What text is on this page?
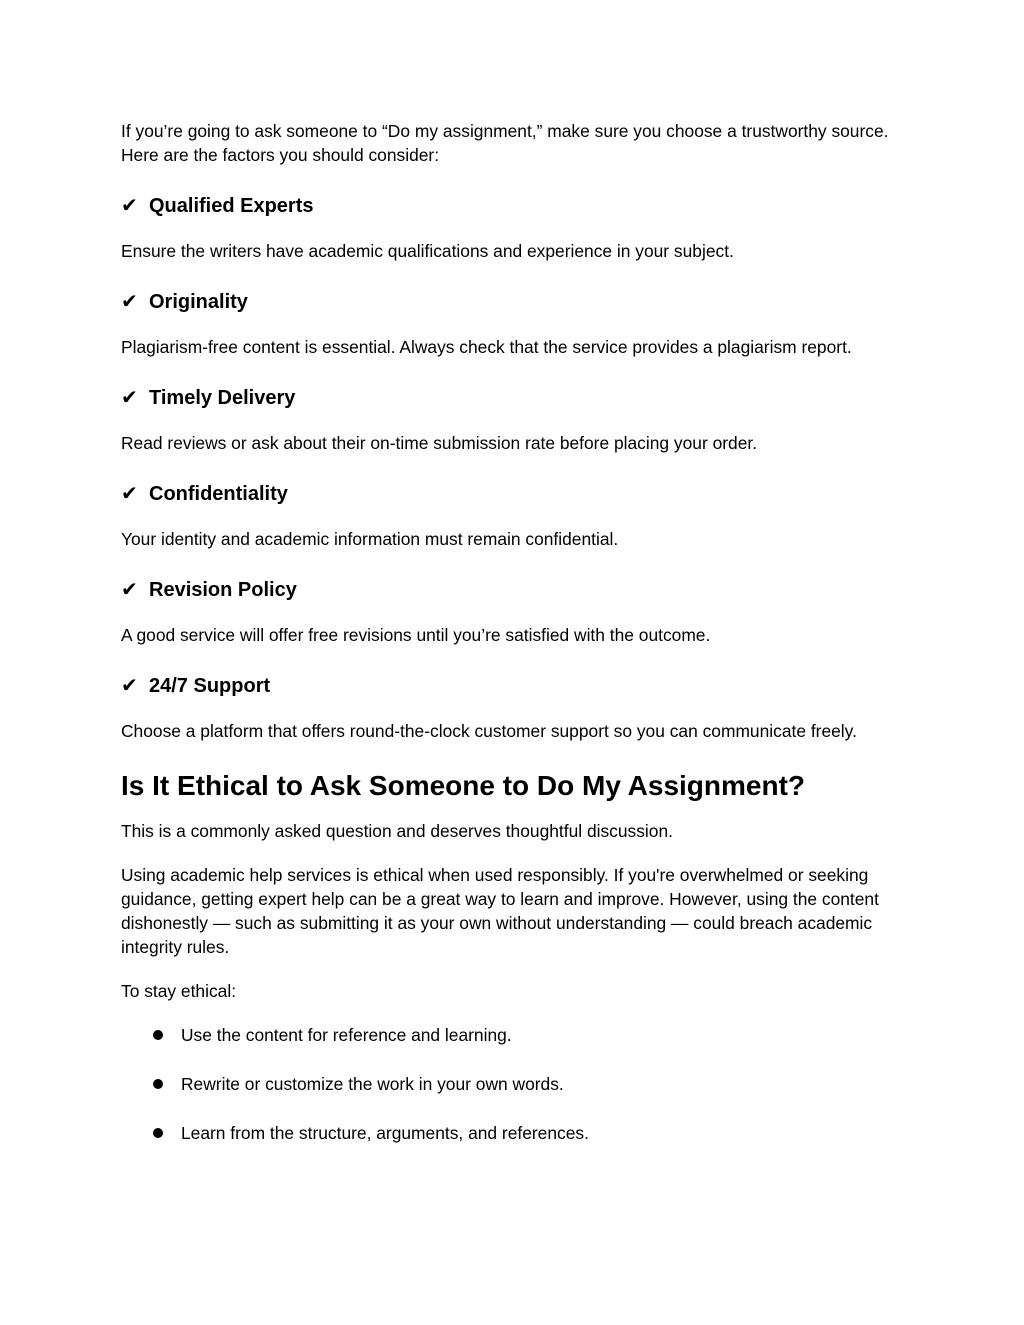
If you’re going to ask someone to “Do my assignment,” make sure you choose a trustworthy source. Here are the factors you should consider:

✔ Qualified Experts

Ensure the writers have academic qualifications and experience in your subject.

✔ Originality

Plagiarism-free content is essential. Always check that the service provides a plagiarism report.

✔ Timely Delivery

Read reviews or ask about their on-time submission rate before placing your order.

✔ Confidentiality

Your identity and academic information must remain confidential.

✔ Revision Policy

A good service will offer free revisions until you’re satisfied with the outcome.

✔ 24/7 Support

Choose a platform that offers round-the-clock customer support so you can communicate freely.

Is It Ethical to Ask Someone to Do My Assignment?

This is a commonly asked question and deserves thoughtful discussion.

Using academic help services is ethical when used responsibly. If you're overwhelmed or seeking guidance, getting expert help can be a great way to learn and improve. However, using the content dishonestly — such as submitting it as your own without understanding — could breach academic integrity rules.

To stay ethical:

Use the content for reference and learning.
Rewrite or customize the work in your own words.
Learn from the structure, arguments, and references.
